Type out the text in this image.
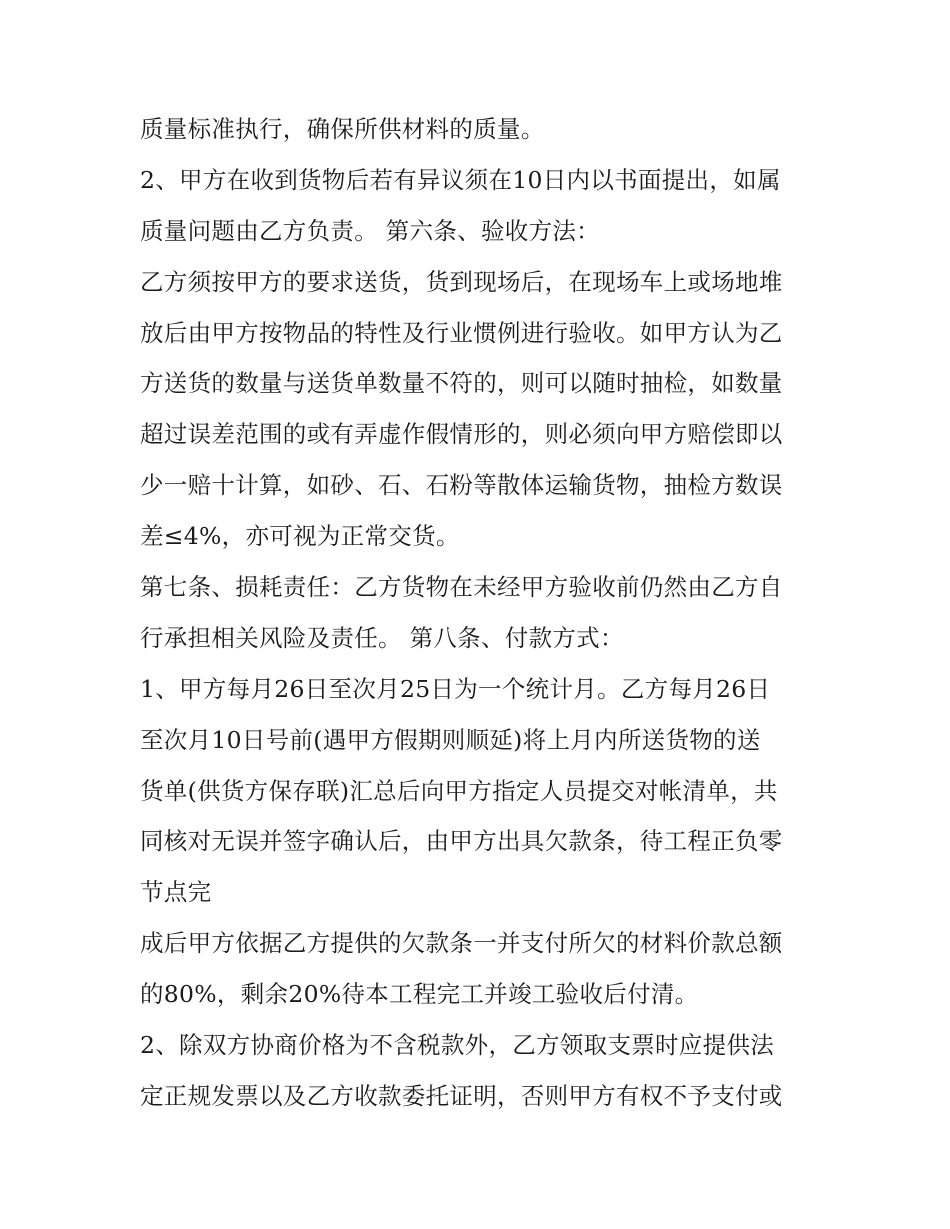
质量标准执行，确保所供材料的质量。
2、甲方在收到货物后若有异议须在10日内以书面提出，如属
质量问题由乙方负责。 第六条、验收方法：
乙方须按甲方的要求送货，货到现场后，在现场车上或场地堆
放后由甲方按物品的特性及行业惯例进行验收。如甲方认为乙
方送货的数量与送货单数量不符的，则可以随时抽检，如数量
超过误差范围的或有弄虚作假情形的，则必须向甲方赔偿即以
少一赔十计算，如砂、石、石粉等散体运输货物，抽检方数误
差≤4%，亦可视为正常交货。
第七条、损耗责任：乙方货物在未经甲方验收前仍然由乙方自
行承担相关风险及责任。 第八条、付款方式：
1、甲方每月26日至次月25日为一个统计月。乙方每月26日
至次月10日号前(遇甲方假期则顺延)将上月内所送货物的送
货单(供货方保存联)汇总后向甲方指定人员提交对帐清单，共
同核对无误并签字确认后，由甲方出具欠款条，待工程正负零
节点完
成后甲方依据乙方提供的欠款条一并支付所欠的材料价款总额
的80%，剩余20%待本工程完工并竣工验收后付清。
2、除双方协商价格为不含税款外，乙方领取支票时应提供法
定正规发票以及乙方收款委托证明，否则甲方有权不予支付或
